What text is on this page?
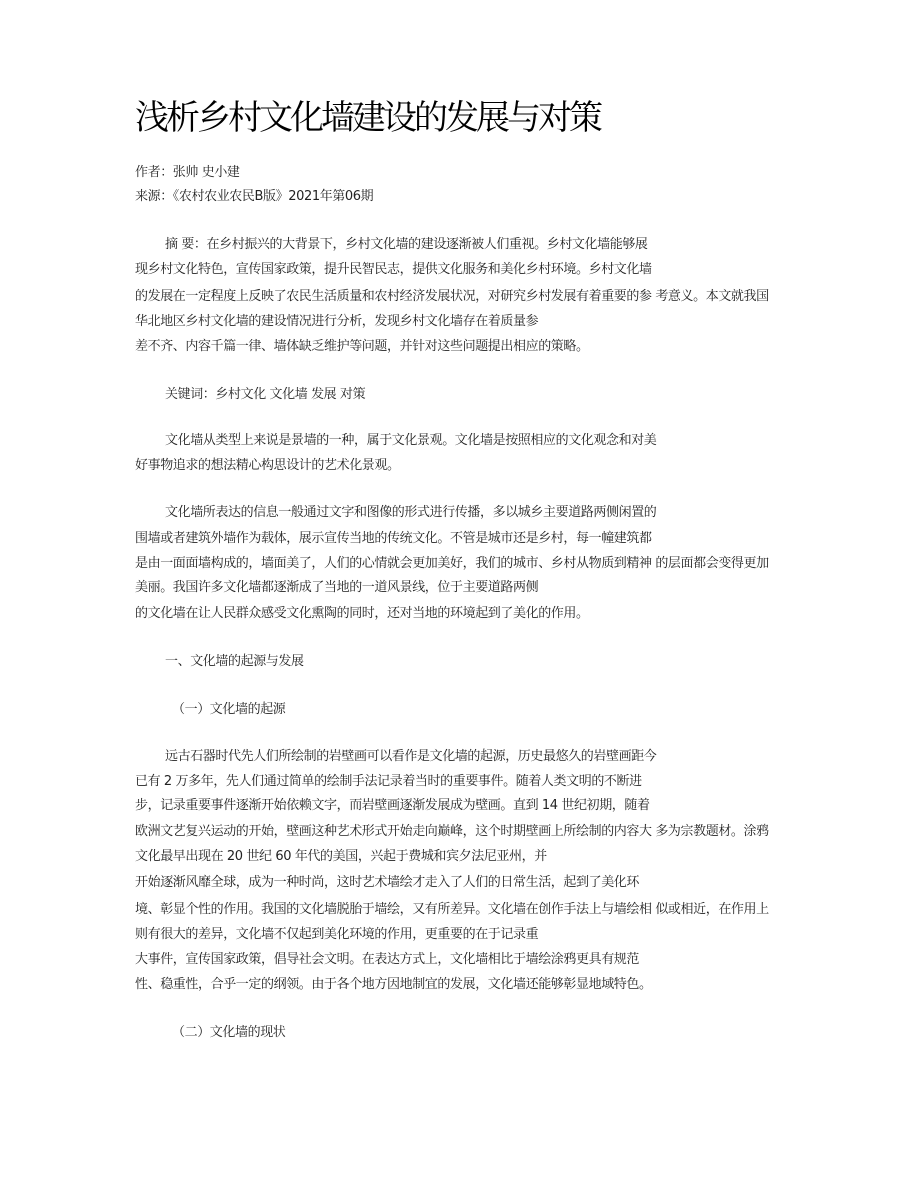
浅析乡村文化墙建设的发展与对策
作者：张帅 史小建
来源：《农村农业农民B版》2021年第06期
摘 要：在乡村振兴的大背景下，乡村文化墙的建设逐渐被人们重视。乡村文化墙能够展
现乡村文化特色，宣传国家政策，提升民智民志，提供文化服务和美化乡村环境。乡村文化墙
的发展在一定程度上反映了农民生活质量和农村经济发展状况，对研究乡村发展有着重要的参 考意义。本文就我国
华北地区乡村文化墙的建设情况进行分析，发现乡村文化墙存在着质量参
差不齐、内容千篇一律、墙体缺乏维护等问题，并针对这些问题提出相应的策略。
关键词：乡村文化 文化墙 发展 对策
文化墙从类型上来说是景墙的一种，属于文化景观。文化墙是按照相应的文化观念和对美
好事物追求的想法精心构思设计的艺术化景观。
文化墙所表达的信息一般通过文字和图像的形式进行传播，多以城乡主要道路两侧闲置的
围墙或者建筑外墙作为载体，展示宣传当地的传统文化。不管是城市还是乡村，每一幢建筑都
是由一面面墙构成的，墙面美了，人们的心情就会更加美好，我们的城市、乡村从物质到精神 的层面都会变得更加
美丽。我国许多文化墙都逐渐成了当地的一道风景线，位于主要道路两侧
的文化墙在让人民群众感受文化熏陶的同时，还对当地的环境起到了美化的作用。
一、文化墙的起源与发展
（一）文化墙的起源
远古石器时代先人们所绘制的岩壁画可以看作是文化墙的起源，历史最悠久的岩壁画距今
已有 2 万多年，先人们通过简单的绘制手法记录着当时的重要事件。随着人类文明的不断进
步，记录重要事件逐渐开始依赖文字，而岩壁画逐渐发展成为壁画。直到 14 世纪初期，随着
欧洲文艺复兴运动的开始，壁画这种艺术形式开始走向巅峰，这个时期壁画上所绘制的内容大 多为宗教题材。涂鸦
文化最早出现在 20 世纪 60 年代的美国，兴起于费城和宾夕法尼亚州，并
开始逐渐风靡全球，成为一种时尚，这时艺术墙绘才走入了人们的日常生活，起到了美化环
境、彰显个性的作用。我国的文化墙脱胎于墙绘，又有所差异。文化墙在创作手法上与墙绘相 似或相近，在作用上
则有很大的差异，文化墙不仅起到美化环境的作用，更重要的在于记录重
大事件，宣传国家政策，倡导社会文明。在表达方式上，文化墙相比于墙绘涂鸦更具有规范
性、稳重性，合乎一定的纲领。由于各个地方因地制宜的发展，文化墙还能够彰显地域特色。
（二）文化墙的现状
